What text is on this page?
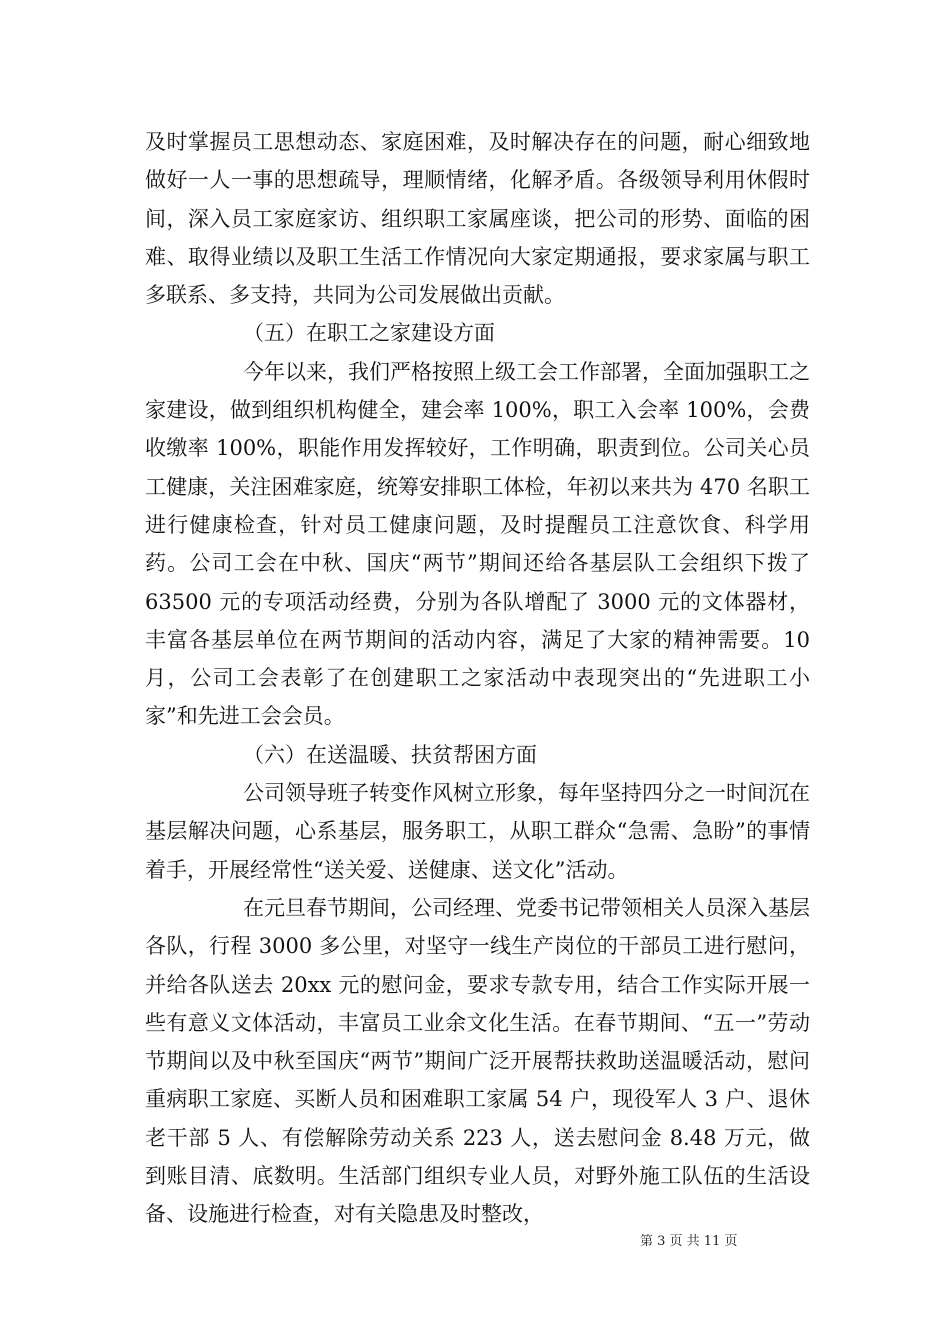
及时掌握员工思想动态、家庭困难，及时解决存在的问题，耐心细致地做好一人一事的思想疏导，理顺情绪，化解矛盾。各级领导利用休假时间，深入员工家庭家访、组织职工家属座谈，把公司的形势、面临的困难、取得业绩以及职工生活工作情况向大家定期通报，要求家属与职工多联系、多支持，共同为公司发展做出贡献。

（五）在职工之家建设方面

今年以来，我们严格按照上级工会工作部署，全面加强职工之家建设，做到组织机构健全，建会率 100%，职工入会率 100%，会费收缴率 100%，职能作用发挥较好，工作明确，职责到位。公司关心员工健康，关注困难家庭，统筹安排职工体检，年初以来共为 470 名职工进行健康检查，针对员工健康问题，及时提醒员工注意饮食、科学用药。公司工会在中秋、国庆“两节”期间还给各基层队工会组织下拨了 63500 元的专项活动经费，分别为各队增配了 3000 元的文体器材，丰富各基层单位在两节期间的活动内容，满足了大家的精神需要。10 月，公司工会表彰了在创建职工之家活动中表现突出的“先进职工小家”和先进工会会员。

（六）在送温暖、扶贫帮困方面

公司领导班子转变作风树立形象，每年坚持四分之一时间沉在基层解决问题，心系基层，服务职工，从职工群众“急需、急盼”的事情着手，开展经常性“送关爱、送健康、送文化”活动。

在元旦春节期间，公司经理、党委书记带领相关人员深入基层各队，行程 3000 多公里，对坚守一线生产岗位的干部员工进行慰问，并给各队送去 20xx 元的慰问金，要求专款专用，结合工作实际开展一些有意义文体活动，丰富员工业余文化生活。在春节期间、“五一”劳动节期间以及中秋至国庆“两节”期间广泛开展帮扶救助送温暖活动，慰问重病职工家庭、买断人员和困难职工家属 54 户，现役军人 3 户、退休老干部 5 人、有偿解除劳动关系 223 人，送去慰问金 8.48 万元，做到账目清、底数明。生活部门组织专业人员，对野外施工队伍的生活设备、设施进行检查，对有关隐患及时整改，

第 3 页 共 11 页
